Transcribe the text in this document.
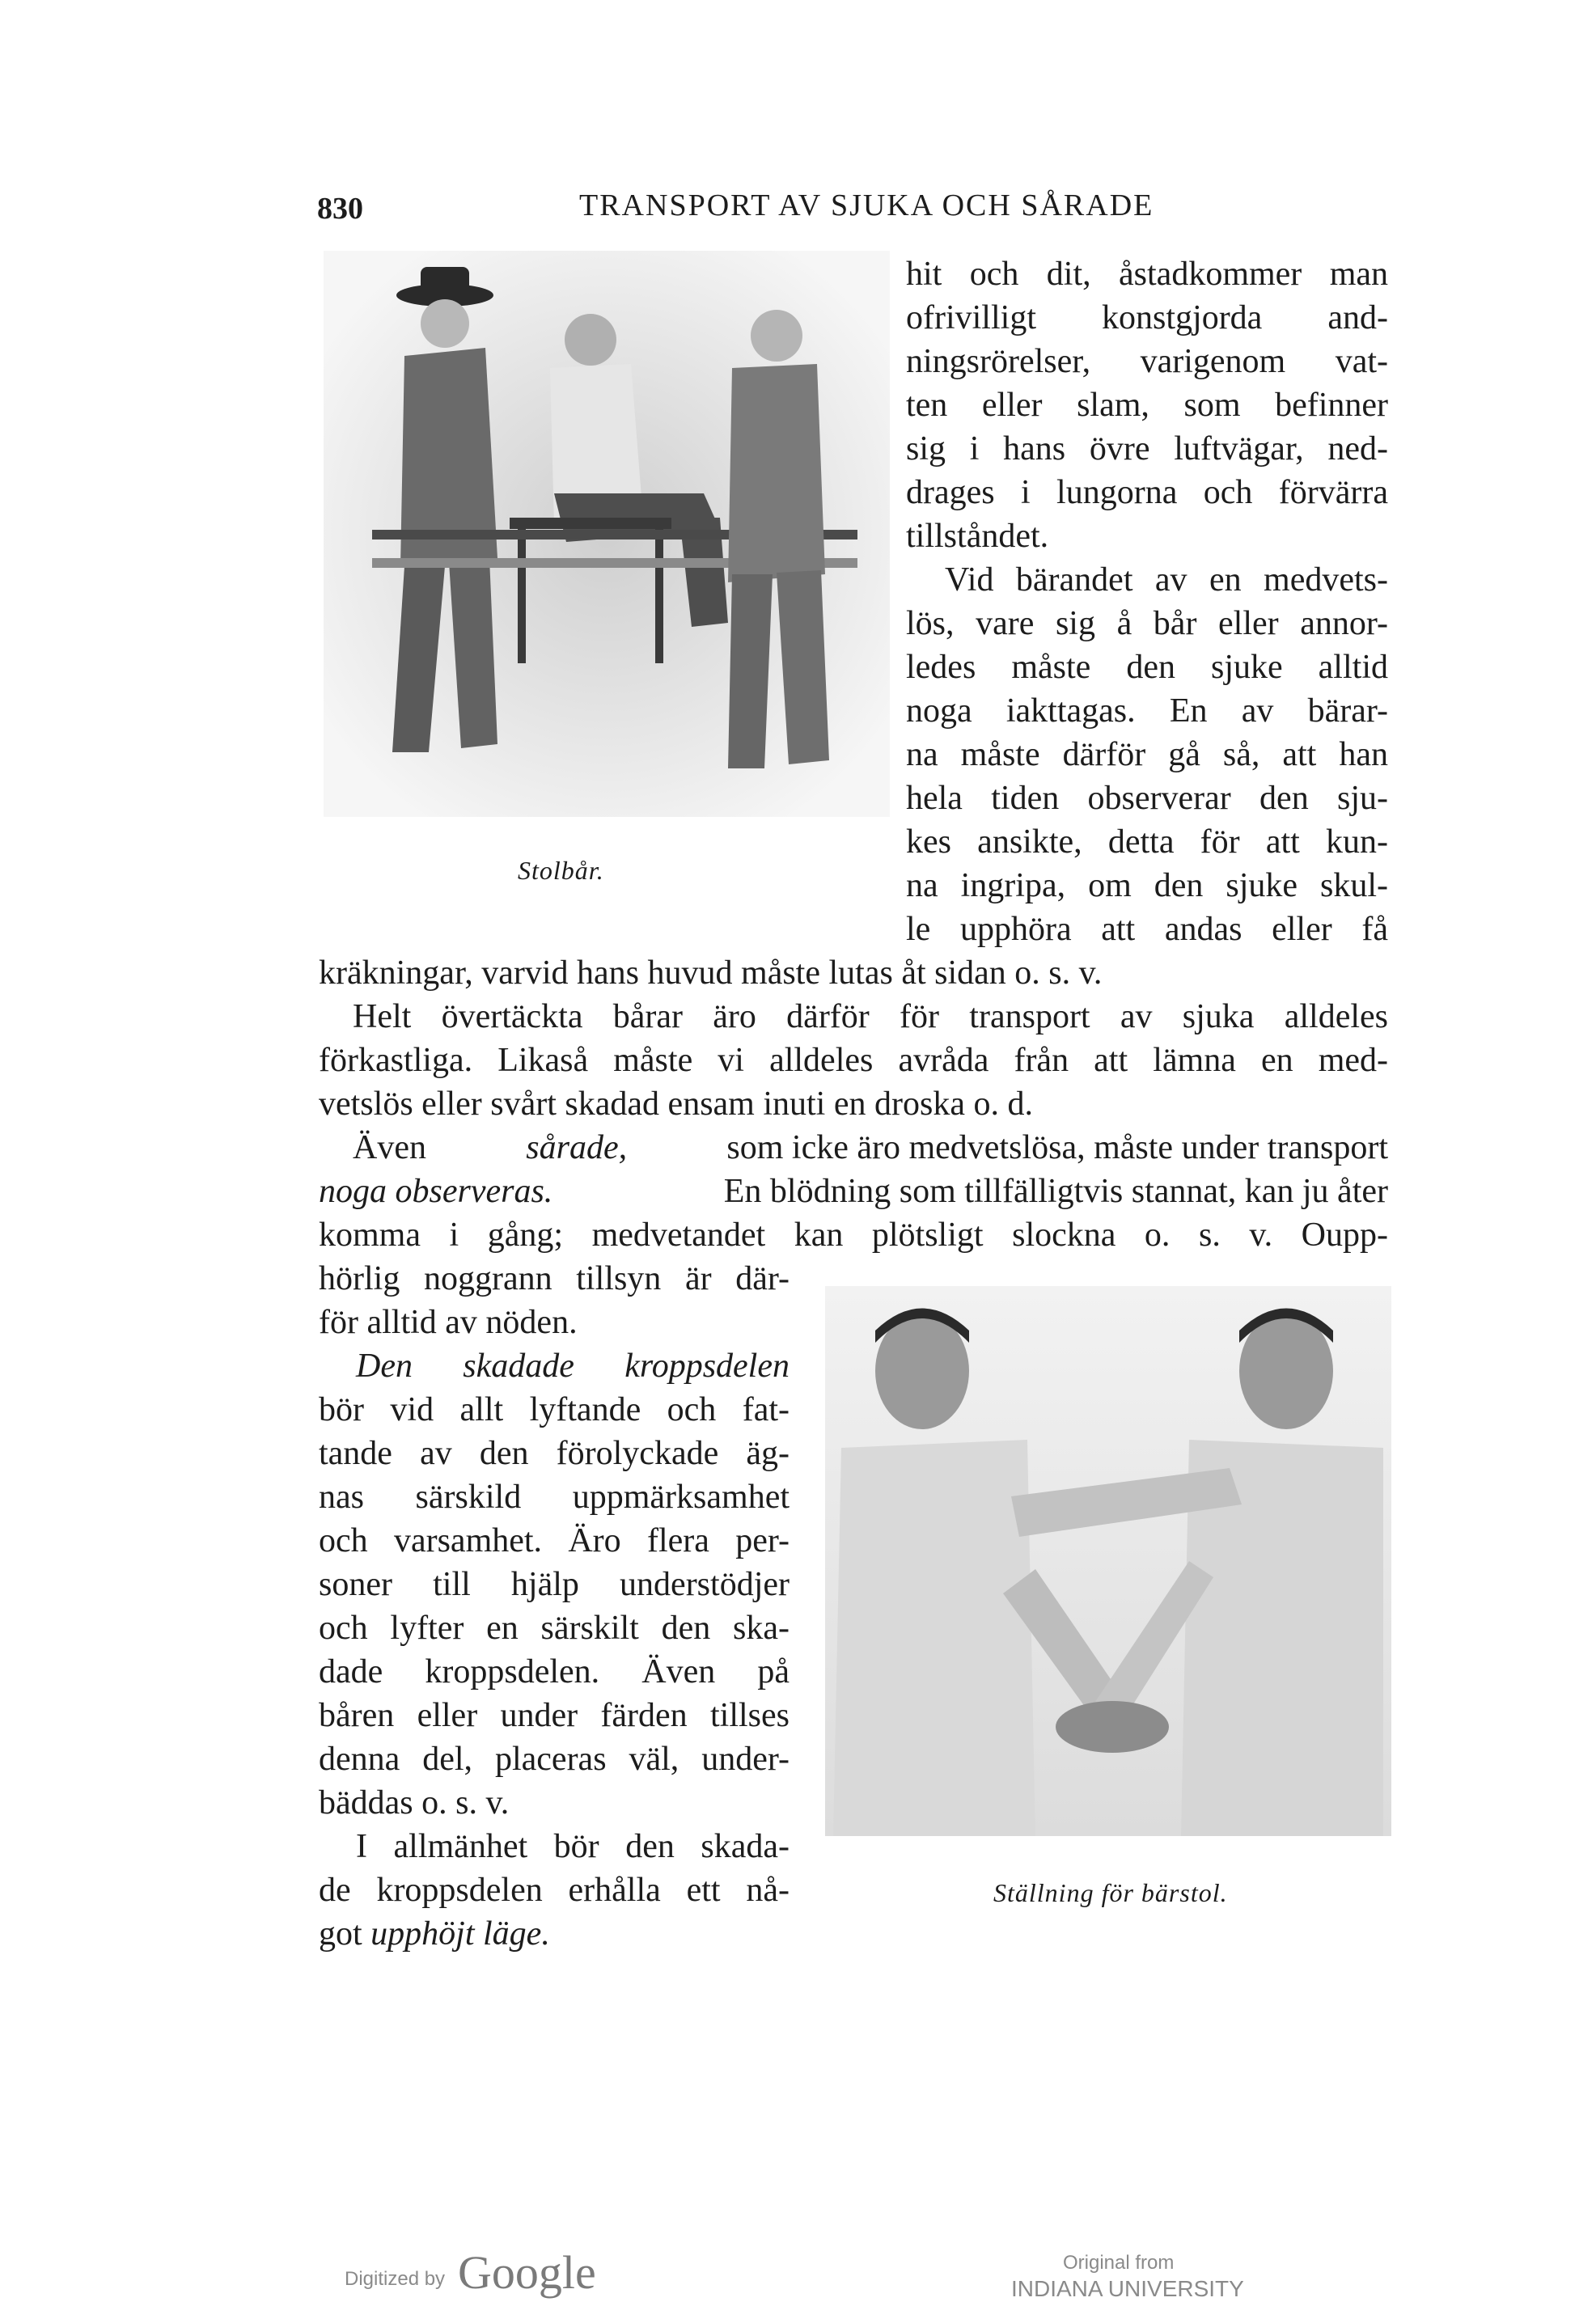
830	TRANSPORT AV SJUKA OCH SÅRADE
Stolbår.
hit och dit, åstadkommer man
ofrivilligt konstgjorda and-
ningsrörelser, varigenom vat-
ten eller slam, som befinner
sig i hans övre luftvägar, ned-
drages i lungorna och förvärra
tillståndet.
Vid bärandet av en medvets-
lös, vare sig å bår eller annor-
ledes måste den sjuke alltid
noga iakttagas. En av bärar-
na måste därför gå så, att han
hela tiden observerar den sju-
kes ansikte, detta för att kun-
na ingripa, om den sjuke skul-
le upphöra att andas eller få
kräkningar, varvid hans huvud måste lutas åt sidan o. s. v.
Helt övertäckta bårar äro därför för transport av sjuka alldeles
förkastliga. Likaså måste vi alldeles avråda från att lämna en med-
vetslös eller svårt skadad ensam inuti en droska o. d.
Även	sårade,	som icke äro medvetslösa, måste under transport
noga observeras.	En blödning som tillfälligtvis stannat, kan ju åter
komma i gång; medvetandet kan plötsligt slockna o. s. v. Oupp-
hörlig noggrann tillsyn är där-
för alltid av nöden.
Den skadade kroppsdelen
bör vid allt lyftande och fat-
tande av den förolyckade äg-
nas särskild uppmärksamhet
och varsamhet. Äro flera per-
soner till hjälp understödjer
och lyfter en särskilt den ska-
dade kroppsdelen. Även på
båren eller under färden tillses
denna del, placeras väl, under-
bäddas o. s. v.
I allmänhet bör den skada-
de kroppsdelen erhålla ett nå-
got upphöjt läge.
Ställning för bärstol.
Digitized by Google	Original from
INDIANA UNIVERSITY
